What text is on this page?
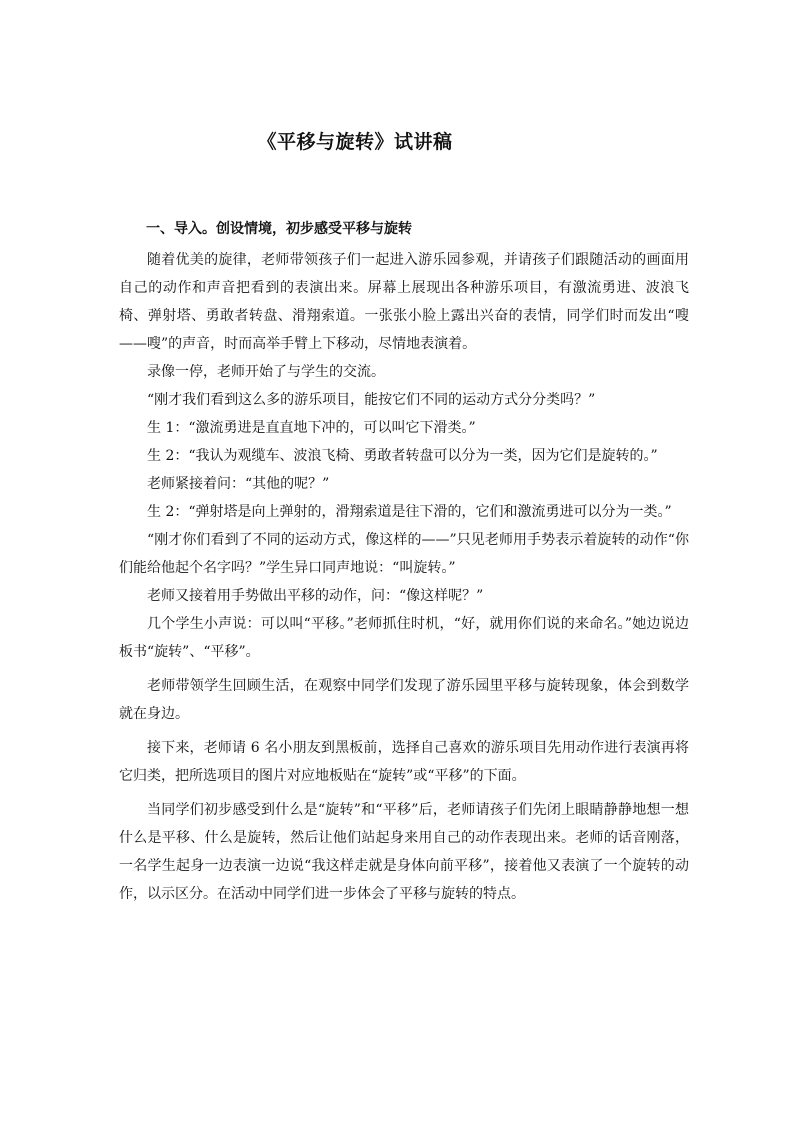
《平移与旋转》试讲稿
一、导入。创设情境，初步感受平移与旋转

随着优美的旋律，老师带领孩子们一起进入游乐园参观，并请孩子们跟随活动的画面用自己的动作和声音把看到的表演出来。屏幕上展现出各种游乐项目，有激流勇进、波浪飞椅、弹射塔、勇敢者转盘、滑翔索道。一张张小脸上露出兴奋的表情，同学们时而发出“嗖——嗖”的声音，时而高举手臂上下移动，尽情地表演着。

录像一停，老师开始了与学生的交流。

“刚才我们看到这么多的游乐项目，能按它们不同的运动方式分分类吗？”

生 1：“激流勇进是直直地下冲的，可以叫它下滑类。”

生 2：“我认为观缆车、波浪飞椅、勇敢者转盘可以分为一类，因为它们是旋转的。”

老师紧接着问：“其他的呢？”

生 2：“弹射塔是向上弹射的，滑翔索道是往下滑的，它们和激流勇进可以分为一类。”

“刚才你们看到了不同的运动方式，像这样的——”只见老师用手势表示着旋转的动作“你们能给他起个名字吗？”学生异口同声地说：“叫旋转。”

老师又接着用手势做出平移的动作，问：“像这样呢？”

几个学生小声说：可以叫“平移。”老师抓住时机，“好，就用你们说的来命名。”她边说边板书“旋转”、“平移”。

老师带领学生回顾生活，在观察中同学们发现了游乐园里平移与旋转现象，体会到数学就在身边。

接下来，老师请 6 名小朋友到黑板前，选择自己喜欢的游乐项目先用动作进行表演再将它归类，把所选项目的图片对应地板贴在“旋转”或“平移”的下面。

当同学们初步感受到什么是“旋转”和“平移”后，老师请孩子们先闭上眼睛静静地想一想什么是平移、什么是旋转，然后让他们站起身来用自己的动作表现出来。老师的话音刚落，一名学生起身一边表演一边说“我这样走就是身体向前平移”，接着他又表演了一个旋转的动作，以示区分。在活动中同学们进一步体会了平移与旋转的特点。
